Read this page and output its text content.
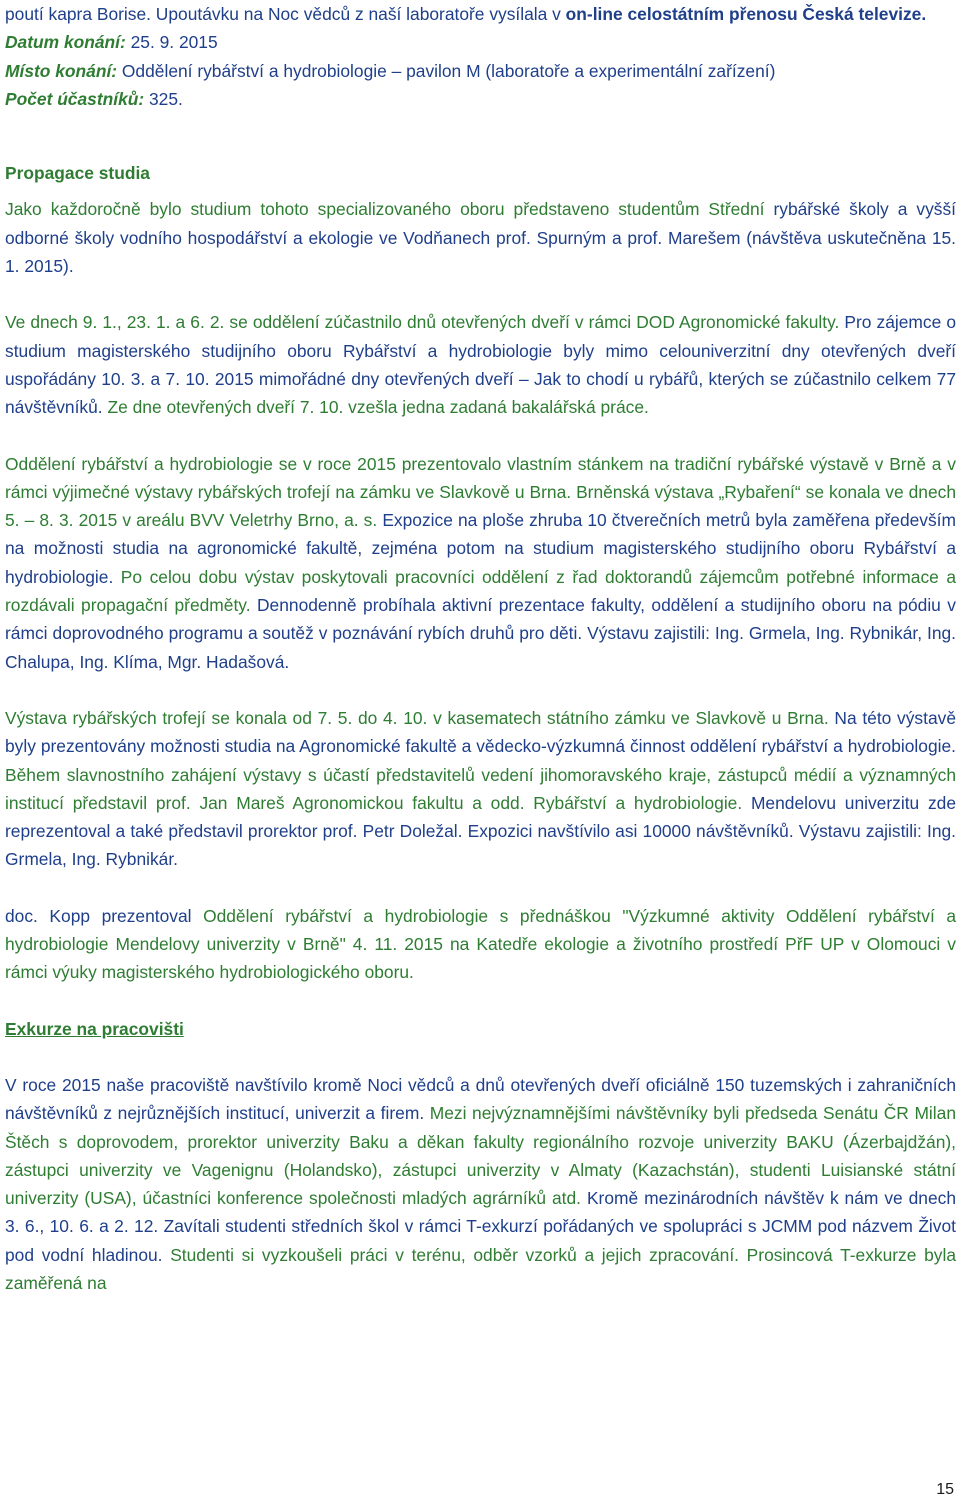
poutí kapra Borise. Upoutávku na Noc vědců z naší laboratoře vysílala v on-line celostátním přenosu Česká televize.

Datum konání: 25. 9. 2015

Místo konání: Oddělení rybářství a hydrobiologie – pavilon M (laboratoře a experimentální zařízení)

Počet účastníků: 325.

Propagace studia

Jako každoročně bylo studium tohoto specializovaného oboru představeno studentům Střední rybářské školy a vyšší odborné školy vodního hospodářství a ekologie ve Vodňanech prof. Spurným a prof. Marešem (návštěva uskutečněna 15. 1. 2015).

Ve dnech 9. 1., 23. 1. a 6. 2. se oddělení zúčastnilo dnů otevřených dveří v rámci DOD Agronomické fakulty. Pro zájemce o studium magisterského studijního oboru Rybářství a hydrobiologie byly mimo celouniverzitní dny otevřených dveří uspořádány 10. 3. a 7. 10. 2015 mimořádné dny otevřených dveří – Jak to chodí u rybářů, kterých se zúčastnilo celkem 77 návštěvníků. Ze dne otevřených dveří 7. 10. vzešla jedna zadaná bakalářská práce.

Oddělení rybářství a hydrobiologie se v roce 2015 prezentovalo vlastním stánkem na tradiční rybářské výstavě v Brně a v rámci výjimečné výstavy rybářských trofejí na zámku ve Slavkově u Brna. Brněnská výstava „Rybaření“ se konala ve dnech 5. – 8. 3. 2015 v areálu BVV Veletrhy Brno, a. s. Expozice na ploše zhruba 10 čtverečních metrů byla zaměřena především na možnosti studia na agronomické fakultě, zejména potom na studium magisterského studijního oboru Rybářství a hydrobiologie. Po celou dobu výstav poskytovali pracovníci oddělení z řad doktorandů zájemcům potřebné informace a rozdávali propagační předměty. Dennodenně probíhala aktivní prezentace fakulty, oddělení a studijního oboru na pódiu v rámci doprovodného programu a soutěž v poznávání rybích druhů pro děti. Výstavu zajistili: Ing. Grmela, Ing. Rybnikár, Ing. Chalupa, Ing. Klíma, Mgr. Hadašová.

Výstava rybářských trofejí se konala od 7. 5. do 4. 10. v kasematech státního zámku ve Slavkově u Brna. Na této výstavě byly prezentovány možnosti studia na Agronomické fakultě a vědecko-výzkumná činnost oddělení rybářství a hydrobiologie. Během slavnostního zahájení výstavy s účastí představitelů vedení jihomoravského kraje, zástupců médií a významných institucí představil prof. Jan Mareš Agronomickou fakultu a odd. Rybářství a hydrobiologie. Mendelovu univerzitu zde reprezentoval a také představil prorektor prof. Petr Doležal. Expozici navštívilo asi 10000 návštěvníků. Výstavu zajistili: Ing. Grmela, Ing. Rybnikár.

doc. Kopp prezentoval Oddělení rybářství a hydrobiologie s přednáškou "Výzkumné aktivity Oddělení rybářství a hydrobiologie Mendelovy univerzity v Brně" 4. 11. 2015 na Katedře ekologie a životního prostředí PřF UP v Olomouci v rámci výuky magisterského hydrobiologického oboru.

Exkurze na pracovišti

V roce 2015 naše pracoviště navštívilo kromě Noci vědců a dnů otevřených dveří oficiálně 150 tuzemských i zahraničních návštěvníků z nejrůznějších institucí, univerzit a firem. Mezi nejvýznamnějšími návštěvníky byli předseda Senátu ČR Milan Štěch s doprovodem, prorektor univerzity Baku a děkan fakulty regionálního rozvoje univerzity BAKU (Ázerbajdžán), zástupci univerzity ve Vagenignu (Holandsko), zástupci univerzity v Almaty (Kazachstán), studenti Luisianské státní univerzity (USA), účastníci konference společnosti mladých agrárníků atd. Kromě mezinárodních návštěv k nám ve dnech 3. 6., 10. 6. a 2. 12. Zavítali studenti středních škol v rámci T-exkurzí pořádaných ve spolupráci s JCMM pod názvem Život pod vodní hladinou. Studenti si vyzkoušeli práci v terénu, odběr vzorků a jejich zpracování. Prosincová T-exkurze byla zaměřená na

15
